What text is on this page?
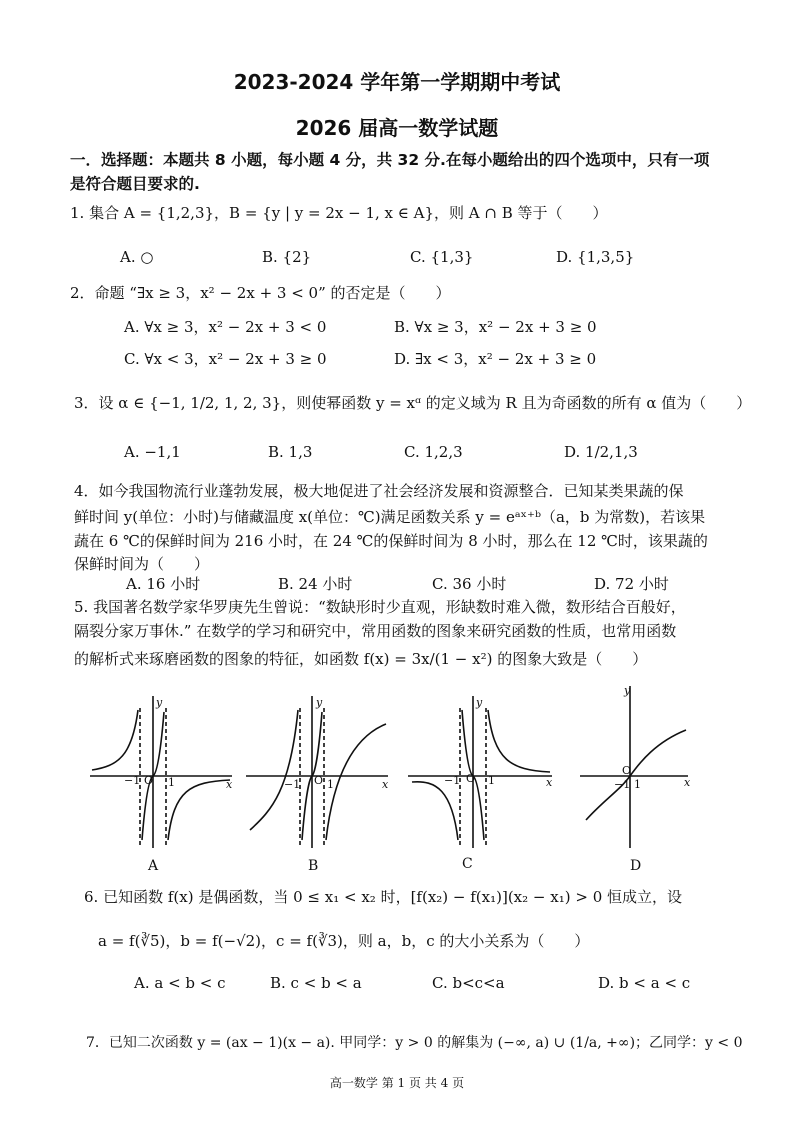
2023-2024 学年第一学期期中考试
2026 届高一数学试题
一．选择题：本题共 8 小题，每小题 4 分，共 32 分.在每小题给出的四个选项中，只有一项
是符合题目要求的.
1. 集合 A = {1,2,3}，B = {y | y = 2x − 1, x ∈ A}，则 A ∩ B 等于（　　）
A. ○	B. {2}	C. {1,3}	D. {1,3,5}
2．命题 “∃x ≥ 3，x² − 2x + 3 < 0” 的否定是（　　）
A. ∀x ≥ 3，x² − 2x + 3 < 0	B. ∀x ≥ 3，x² − 2x + 3 ≥ 0
C. ∀x < 3，x² − 2x + 3 ≥ 0	D. ∃x < 3，x² − 2x + 3 ≥ 0
3．设 α ∈ {−1, 1/2, 1, 2, 3}，则使幂函数 y = xᵅ 的定义域为 R 且为奇函数的所有 α 值为（　　）
A. −1,1	B. 1,3	C. 1,2,3	D. 1/2,1,3
4．如今我国物流行业蓬勃发展，极大地促进了社会经济发展和资源整合．已知某类果蔬的保
鲜时间 y(单位：小时)与储藏温度 x(单位：℃)满足函数关系 y = eᵃˣ⁺ᵇ（a，b 为常数)，若该果
蔬在 6 ℃的保鲜时间为 216 小时，在 24 ℃的保鲜时间为 8 小时，那么在 12 ℃时，该果蔬的
保鲜时间为（　　）
A. 16 小时	B. 24 小时	C. 36 小时	D. 72 小时
5. 我国著名数学家华罗庚先生曾说：“数缺形时少直观，形缺数时难入微，数形结合百般好，
隔裂分家万事休.” 在数学的学习和研究中，常用函数的图象来研究函数的性质，也常用函数
的解析式来琢磨函数的图象的特征，如函数 f(x) = 3x/(1 − x²) 的图象大致是（　　）
−1 O 1
y
x	−1 O 1
y
x	−1 O 1
y
x	−1
O
1
y
x
A	B	C	D
6. 已知函数 f(x) 是偶函数，当 0 ≤ x₁ < x₂ 时，[f(x₂) − f(x₁)](x₂ − x₁) > 0 恒成立，设
a = f(∛5)，b = f(−√2)，c = f(∛3)，则 a，b，c 的大小关系为（　　）
A. a < b < c	B. c < b < a	C. b<c<a	D. b < a < c
7．已知二次函数 y = (ax − 1)(x − a). 甲同学：y > 0 的解集为 (−∞, a) ∪ (1/a, +∞)；乙同学：y < 0
高一数学 第 1 页 共 4 页
